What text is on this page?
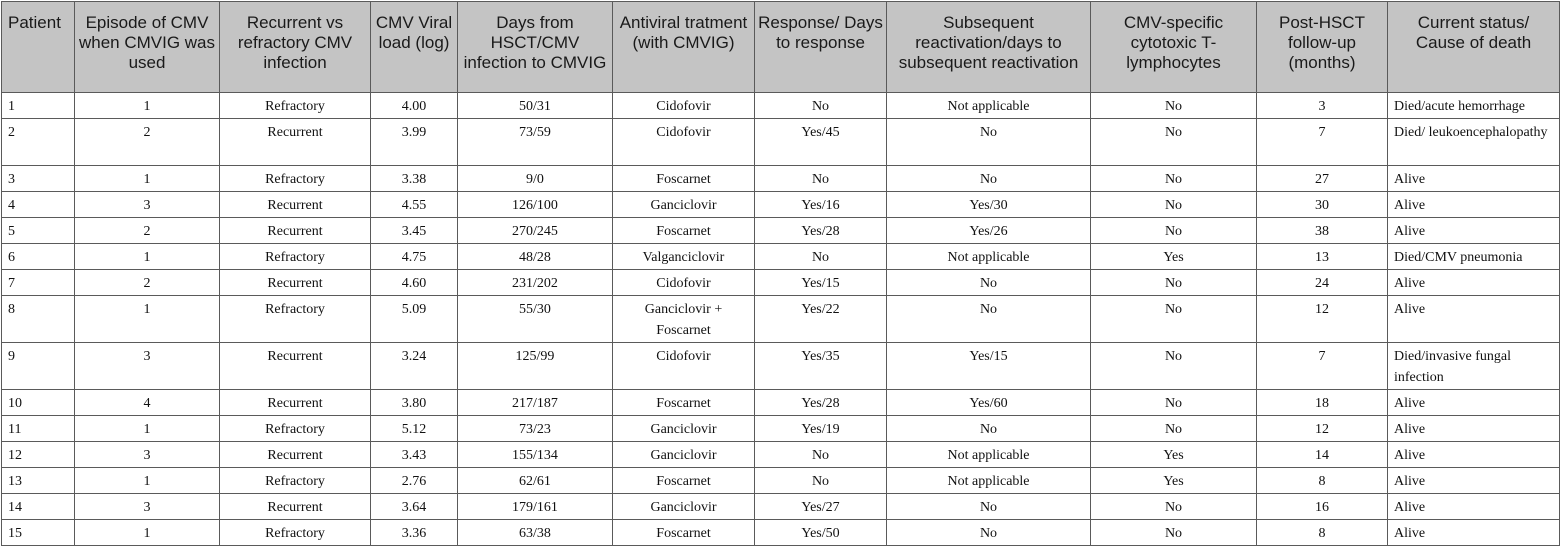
Patient	Episode of CMV when CMVIG was used	Recurrent vs refractory CMV infection	CMV Viral load (log)	Days from HSCT/CMV infection to CMVIG	Antiviral tratment (with CMVIG)	Response/ Days to response	Subsequent reactivation/days to subsequent reactivation	CMV-specific cytotoxic T-lymphocytes	Post-HSCT follow-up (months)	Current status/ Cause of death
1	1	Refractory	4.00	50/31	Cidofovir	No	Not applicable	No	3	Died/acute hemorrhage
2	2	Recurrent	3.99	73/59	Cidofovir	Yes/45	No	No	7	Died/ leukoencephalopathy
3	1	Refractory	3.38	9/0	Foscarnet	No	No	No	27	Alive
4	3	Recurrent	4.55	126/100	Ganciclovir	Yes/16	Yes/30	No	30	Alive
5	2	Recurrent	3.45	270/245	Foscarnet	Yes/28	Yes/26	No	38	Alive
6	1	Refractory	4.75	48/28	Valganciclovir	No	Not applicable	Yes	13	Died/CMV pneumonia
7	2	Recurrent	4.60	231/202	Cidofovir	Yes/15	No	No	24	Alive
8	1	Refractory	5.09	55/30	Ganciclovir + Foscarnet	Yes/22	No	No	12	Alive
9	3	Recurrent	3.24	125/99	Cidofovir	Yes/35	Yes/15	No	7	Died/invasive fungal infection
10	4	Recurrent	3.80	217/187	Foscarnet	Yes/28	Yes/60	No	18	Alive
11	1	Refractory	5.12	73/23	Ganciclovir	Yes/19	No	No	12	Alive
12	3	Recurrent	3.43	155/134	Ganciclovir	No	Not applicable	Yes	14	Alive
13	1	Refractory	2.76	62/61	Foscarnet	No	Not applicable	Yes	8	Alive
14	3	Recurrent	3.64	179/161	Ganciclovir	Yes/27	No	No	16	Alive
15	1	Refractory	3.36	63/38	Foscarnet	Yes/50	No	No	8	Alive
